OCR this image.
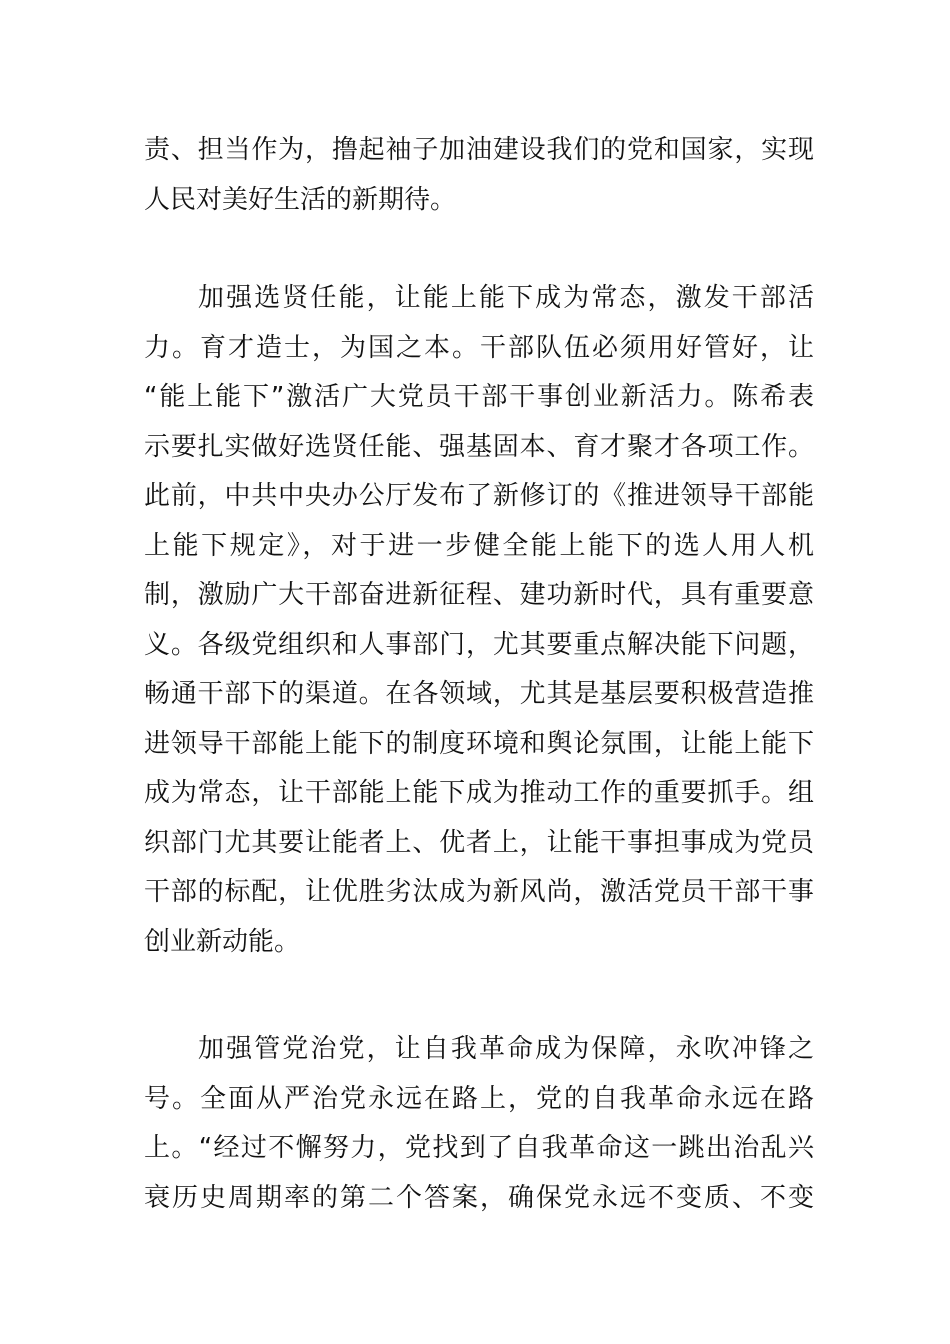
责、担当作为，撸起袖子加油建设我们的党和国家，实现
人民对美好生活的新期待。
加强选贤任能，让能上能下成为常态，激发干部活
力。育才造士，为国之本。干部队伍必须用好管好，让
“能上能下”激活广大党员干部干事创业新活力。陈希表
示要扎实做好选贤任能、强基固本、育才聚才各项工作。
此前，中共中央办公厅发布了新修订的《推进领导干部能
上能下规定》，对于进一步健全能上能下的选人用人机
制，激励广大干部奋进新征程、建功新时代，具有重要意
义。各级党组织和人事部门，尤其要重点解决能下问题，
畅通干部下的渠道。在各领域，尤其是基层要积极营造推
进领导干部能上能下的制度环境和舆论氛围，让能上能下
成为常态，让干部能上能下成为推动工作的重要抓手。组
织部门尤其要让能者上、优者上，让能干事担事成为党员
干部的标配，让优胜劣汰成为新风尚，激活党员干部干事
创业新动能。
加强管党治党，让自我革命成为保障，永吹冲锋之
号。全面从严治党永远在路上，党的自我革命永远在路
上。“经过不懈努力，党找到了自我革命这一跳出治乱兴
衰历史周期率的第二个答案，确保党永远不变质、不变
